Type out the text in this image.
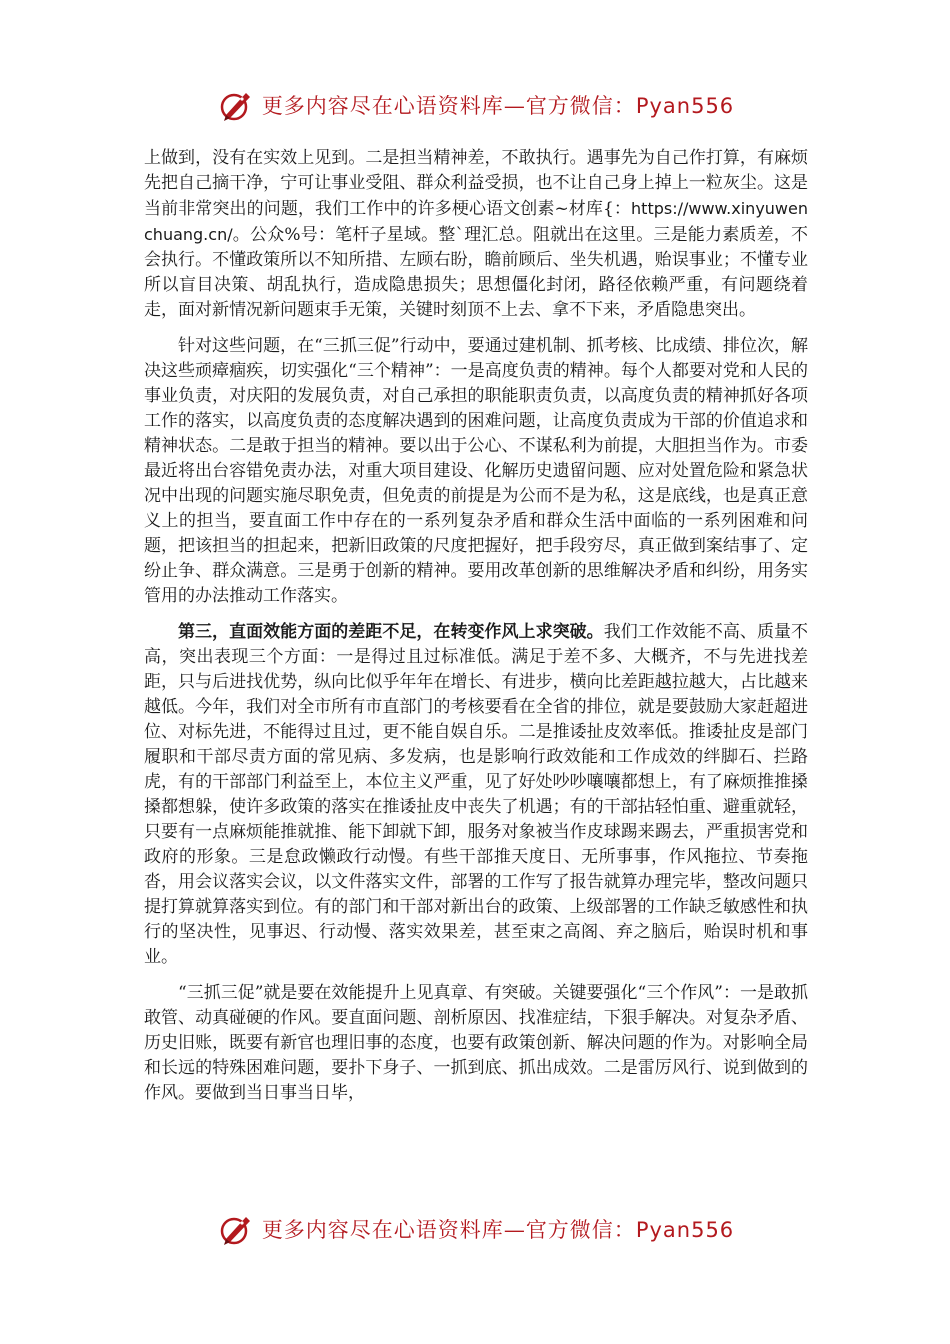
更多内容尽在心语资料库—官方微信：Pyan556

上做到，没有在实效上见到。二是担当精神差，不敢执行。遇事先为自己作打算，有麻烦先把自己摘干净，宁可让事业受阻、群众利益受损，也不让自己身上掉上一粒灰尘。这是当前非常突出的问题，我们工作中的许多梗心语文创素~材库{：https://www.xinyuwenchuang.cn/。公众%号：笔杆子星域。整`理汇总。阻就出在这里。三是能力素质差，不会执行。不懂政策所以不知所措、左顾右盼，瞻前顾后、坐失机遇，贻误事业；不懂专业所以盲目决策、胡乱执行，造成隐患损失；思想僵化封闭，路径依赖严重，有问题绕着走，面对新情况新问题束手无策，关键时刻顶不上去、拿不下来，矛盾隐患突出。

针对这些问题，在“三抓三促”行动中，要通过建机制、抓考核、比成绩、排位次，解决这些顽瘴痼疾，切实强化“三个精神”：一是高度负责的精神。每个人都要对党和人民的事业负责，对庆阳的发展负责，对自己承担的职能职责负责，以高度负责的精神抓好各项工作的落实，以高度负责的态度解决遇到的困难问题，让高度负责成为干部的价值追求和精神状态。二是敢于担当的精神。要以出于公心、不谋私利为前提，大胆担当作为。市委最近将出台容错免责办法，对重大项目建设、化解历史遗留问题、应对处置危险和紧急状况中出现的问题实施尽职免责，但免责的前提是为公而不是为私，这是底线，也是真正意义上的担当，要直面工作中存在的一系列复杂矛盾和群众生活中面临的一系列困难和问题，把该担当的担起来，把新旧政策的尺度把握好，把手段穷尽，真正做到案结事了、定纷止争、群众满意。三是勇于创新的精神。要用改革创新的思维解决矛盾和纠纷，用务实管用的办法推动工作落实。

第三，直面效能方面的差距不足，在转变作风上求突破。我们工作效能不高、质量不高，突出表现三个方面：一是得过且过标准低。满足于差不多、大概齐，不与先进找差距，只与后进找优势，纵向比似乎年年在增长、有进步，横向比差距越拉越大，占比越来越低。今年，我们对全市所有市直部门的考核要看在全省的排位，就是要鼓励大家赶超进位、对标先进，不能得过且过，更不能自娱自乐。二是推诿扯皮效率低。推诿扯皮是部门履职和干部尽责方面的常见病、多发病，也是影响行政效能和工作成效的绊脚石、拦路虎，有的干部部门利益至上，本位主义严重，见了好处吵吵嚷嚷都想上，有了麻烦推推搡搡都想躲，使许多政策的落实在推诿扯皮中丧失了机遇；有的干部拈轻怕重、避重就轻，只要有一点麻烦能推就推、能下卸就下卸，服务对象被当作皮球踢来踢去，严重损害党和政府的形象。三是怠政懒政行动慢。有些干部推天度日、无所事事，作风拖拉、节奏拖沓，用会议落实会议，以文件落实文件，部署的工作写了报告就算办理完毕，整改问题只提打算就算落实到位。有的部门和干部对新出台的政策、上级部署的工作缺乏敏感性和执行的坚决性，见事迟、行动慢、落实效果差，甚至束之高阁、弃之脑后，贻误时机和事业。

“三抓三促”就是要在效能提升上见真章、有突破。关键要强化“三个作风”：一是敢抓敢管、动真碰硬的作风。要直面问题、剖析原因、找准症结，下狠手解决。对复杂矛盾、历史旧账，既要有新官也理旧事的态度，也要有政策创新、解决问题的作为。对影响全局和长远的特殊困难问题，要扑下身子、一抓到底、抓出成效。二是雷厉风行、说到做到的作风。要做到当日事当日毕，

更多内容尽在心语资料库—官方微信：Pyan556
